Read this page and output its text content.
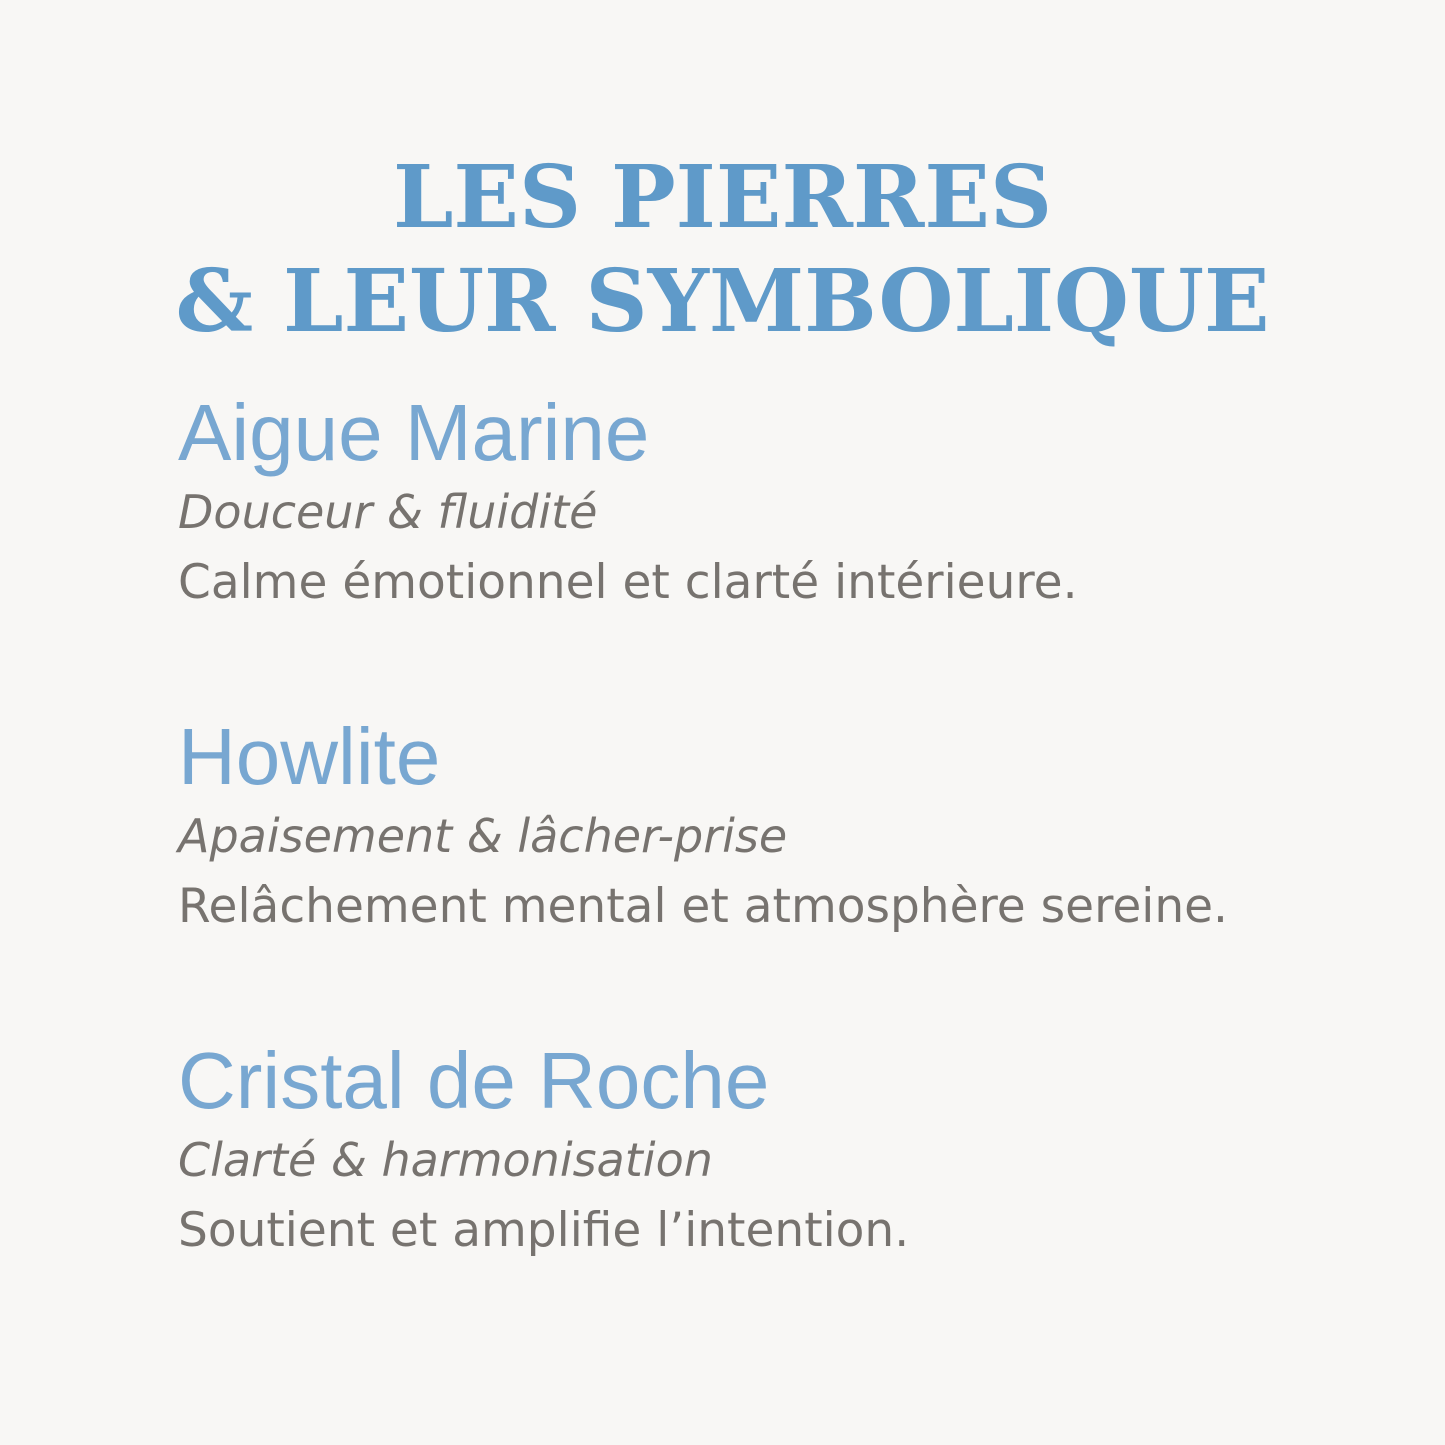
LES PIERRES
& LEUR SYMBOLIQUE
Aigue Marine
Douceur & fluidité
Calme émotionnel et clarté intérieure.
Howlite
Apaisement & lâcher-prise
Relâchement mental et atmosphère sereine.
Cristal de Roche
Clarté & harmonisation
Soutient et amplifie l’intention.
